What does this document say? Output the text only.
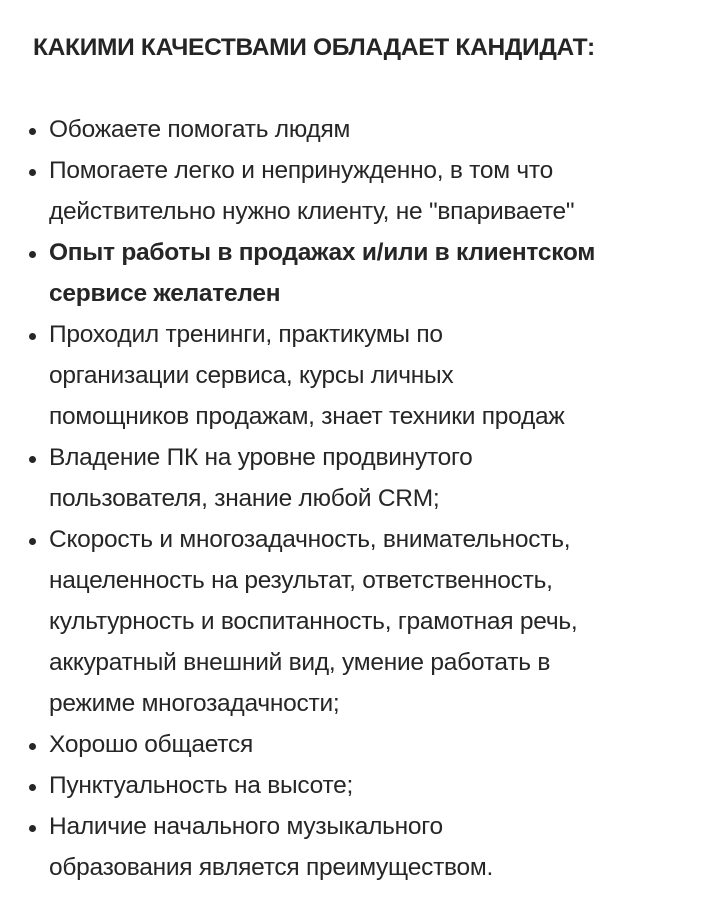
КАКИМИ КАЧЕСТВАМИ ОБЛАДАЕТ КАНДИДАТ:
Обожаете помогать людям
Помогаете легко и непринужденно, в том что
действительно нужно клиенту, не "впариваете"
Опыт работы в продажах и/или в клиентском
сервисе желателен
Проходил тренинги, практикумы по
организации сервиса, курсы личных
помощников продажам, знает техники продаж
Владение ПК на уровне продвинутого
пользователя, знание любой CRM;
Скорость и многозадачность, внимательность,
нацеленность на результат, ответственность,
культурность и воспитанность, грамотная речь,
аккуратный внешний вид, умение работать в
режиме многозадачности;
Хорошо общается
Пунктуальность на высоте;
Наличие начального музыкального
образования является преимуществом.
